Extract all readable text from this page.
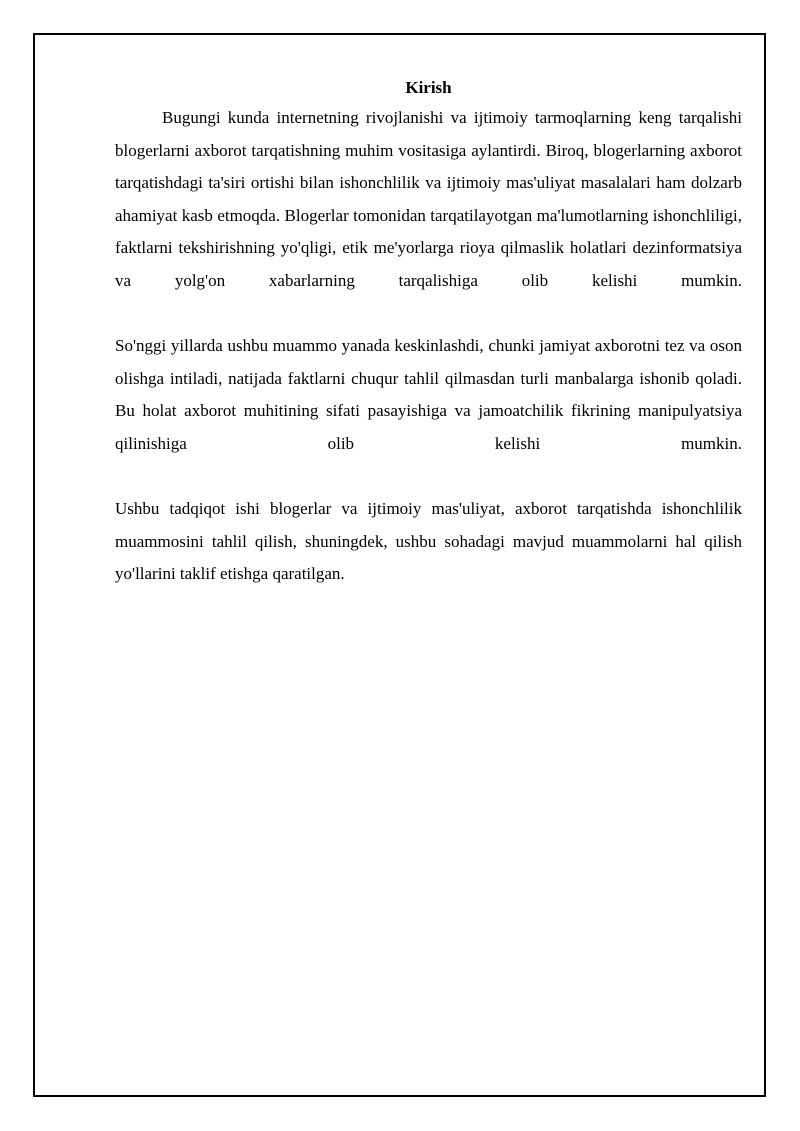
Kirish

Bugungi kunda internetning rivojlanishi va ijtimoiy tarmoqlarning keng tarqalishi blogerlarni axborot tarqatishning muhim vositasiga aylantirdi. Biroq, blogerlarning axborot tarqatishdagi ta'siri ortishi bilan ishonchlilik va ijtimoiy mas'uliyat masalalari ham dolzarb ahamiyat kasb etmoqda. Blogerlar tomonidan tarqatilayotgan ma'lumotlarning ishonchliligi, faktlarni tekshirishning yo'qligi, etik me'yorlarga rioya qilmaslik holatlari dezinformatsiya va yolg'on xabarlarning tarqalishiga olib kelishi mumkin.

So'nggi yillarda ushbu muammo yanada keskinlashdi, chunki jamiyat axborotni tez va oson olishga intiladi, natijada faktlarni chuqur tahlil qilmasdan turli manbalarga ishonib qoladi. Bu holat axborot muhitining sifati pasayishiga va jamoatchilik fikrining manipulyatsiya qilinishiga olib kelishi mumkin.

Ushbu tadqiqot ishi blogerlar va ijtimoiy mas'uliyat, axborot tarqatishda ishonchlilik muammosini tahlil qilish, shuningdek, ushbu sohadagi mavjud muammolarni hal qilish yo'llarini taklif etishga qaratilgan.
